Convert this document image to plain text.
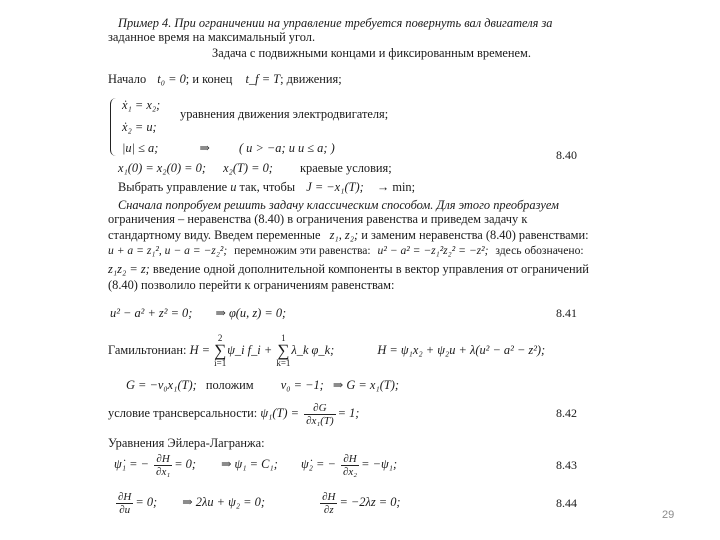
Пример 4. При ограничении на управление требуется повернуть вал двигателя за
заданное время на максимальный угол.
Задача с подвижными концами и фиксированным временем.
Начало t₀ = 0; и конец t_f = T; движения;
ẋ₁ = x₂;
уравнения движения электродвигателя;
ẋ₂ = u;
|u| ≤ a;	⇒ ( u > −a; и u ≤ a; )	8.40
x₁(0) = x₂(0) = 0; x₂(T) = 0; краевые условия;
Выбрать управление u так, чтобы J = −x₁(T); → min;
Сначала попробуем решить задачу классическим способом. Для этого преобразуем
ограничения – неравенства (8.40) в ограничения равенства и приведем задачу к
стандартному виду. Введем переменные z₁, z₂; и заменим неравенства (8.40) равенствами:
u + a = z₁², u − a = −z₂²; перемножим эти равенства: u² − a² = −z₁²z₂² = −z²; здесь обозначено:
z₁z₂ = z; введение одной дополнительной компоненты в вектор управления от ограничений
(8.40) позволило перейти к ограничениям равенствам:
u² − a² + z² = 0; ⇒ φ(u, z) = 0;	8.41
Гамильтониан: H = 2
∑
i=1ψ_i f_i + 1
∑
k=1λ_k φ_k;	H = ψ₁x₂ + ψ₂u + λ(u² − a² − z²);
G = −ν₀x₁(T); положим ν₀ = −1; ⇒ G = x₁(T);
условие трансверсальности: $\psi_1(T) = \frac{\partial G}{\text{∂x₁(T)}} = 1$;	8.42
Уравнения Эйлера-Лагранжа:
ψ̇₁ = − $\frac{\partial H}{\text{∂x₁}} = 0$; ⇒ ψ₁ = C₁; ψ̇₂ = − $\frac{\partial H}{\text{∂x₂}} = -\psi_1$;	8.43
$\frac{\partial H}{\partial u} = 0$; ⇒ 2λu + ψ₂ = 0;	$\frac{\partial H}{\partial z} = -2\lambda z = 0$;	8.44
29
